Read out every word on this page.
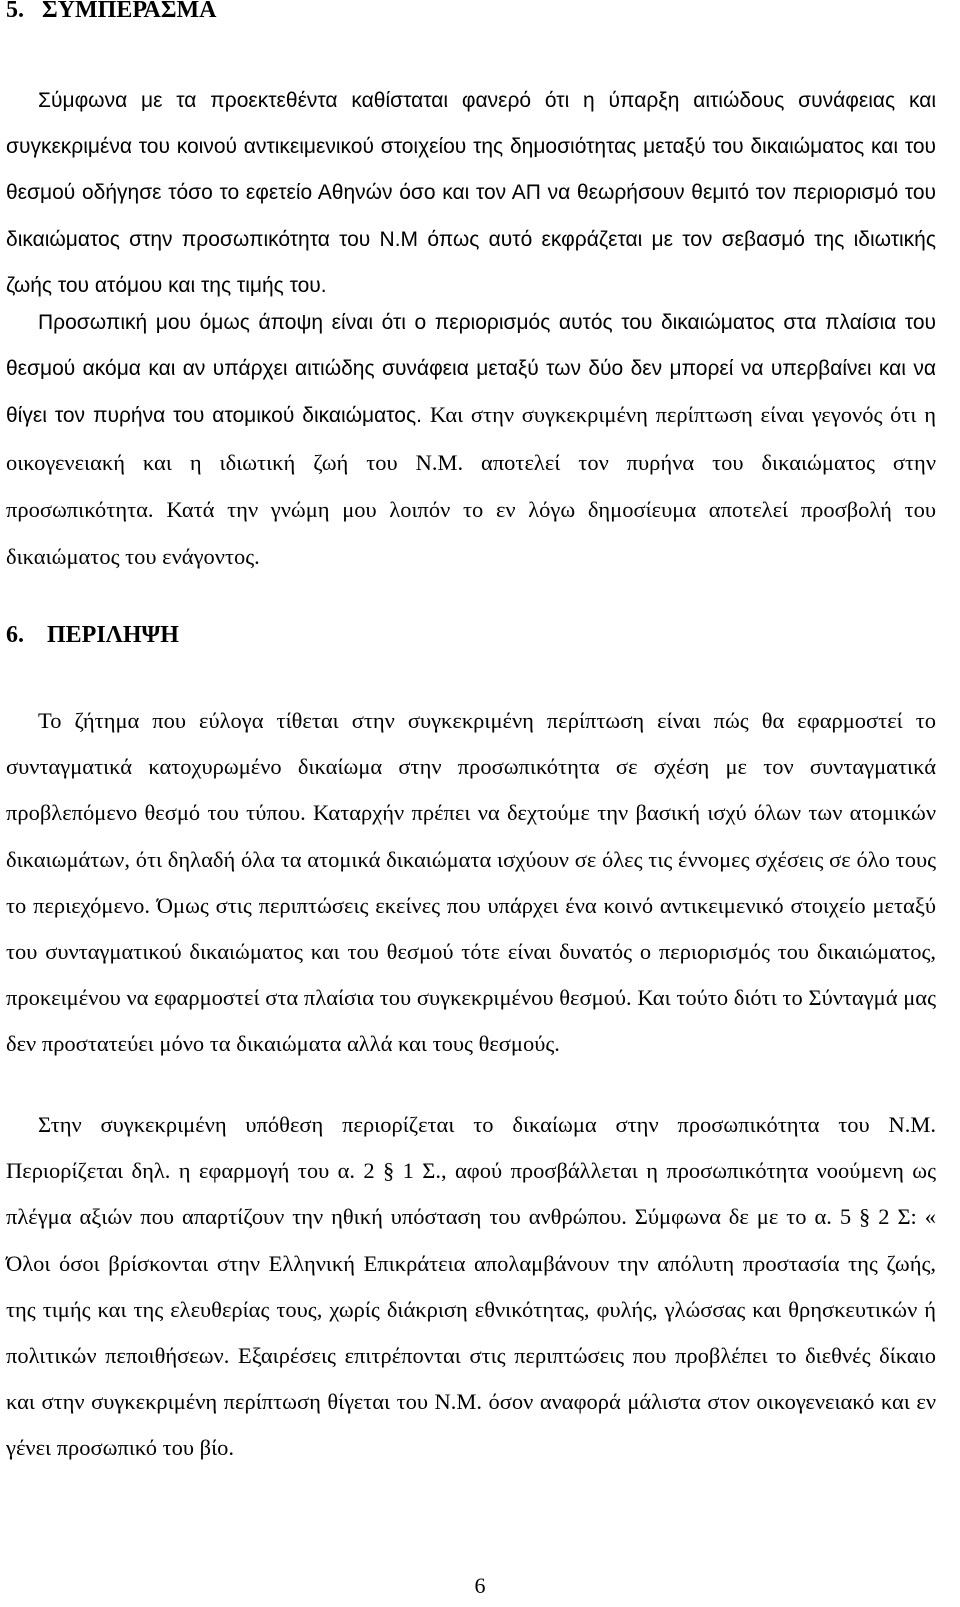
5. ΣΥΜΠΕΡΑΣΜΑ
Σύμφωνα με τα προεκτεθέντα καθίσταται φανερό ότι η ύπαρξη αιτιώδους συνάφειας και συγκεκριμένα του κοινού αντικειμενικού στοιχείου της δημοσιότητας μεταξύ του δικαιώματος και του θεσμού οδήγησε τόσο το εφετείο Αθηνών όσο και τον ΑΠ να θεωρήσουν θεμιτό τον περιορισμό του δικαιώματος στην προσωπικότητα του Ν.Μ όπως αυτό εκφράζεται με τον σεβασμό της ιδιωτικής ζωής του ατόμου και της τιμής του.
Προσωπική μου όμως άποψη είναι ότι ο περιορισμός αυτός του δικαιώματος στα πλαίσια του θεσμού ακόμα και αν υπάρχει αιτιώδης συνάφεια μεταξύ των δύο δεν μπορεί να υπερβαίνει και να θίγει τον πυρήνα του ατομικού δικαιώματος. Και στην συγκεκριμένη περίπτωση είναι γεγονός ότι η οικογενειακή και η ιδιωτική ζωή του Ν.Μ. αποτελεί τον πυρήνα του δικαιώματος στην προσωπικότητα. Κατά την γνώμη μου λοιπόν το εν λόγω δημοσίευμα αποτελεί προσβολή του δικαιώματος του ενάγοντος.
6. ΠΕΡΙΛΗΨΗ
Το ζήτημα που εύλογα τίθεται στην συγκεκριμένη περίπτωση είναι πώς θα εφαρμοστεί το συνταγματικά κατοχυρωμένο δικαίωμα στην προσωπικότητα σε σχέση με τον συνταγματικά προβλεπόμενο θεσμό του τύπου. Καταρχήν πρέπει να δεχτούμε την βασική ισχύ όλων των ατομικών δικαιωμάτων, ότι δηλαδή όλα τα ατομικά δικαιώματα ισχύουν σε όλες τις έννομες σχέσεις σε όλο τους το περιεχόμενο. Όμως στις περιπτώσεις εκείνες που υπάρχει ένα κοινό αντικειμενικό στοιχείο μεταξύ του συνταγματικού δικαιώματος και του θεσμού τότε είναι δυνατός ο περιορισμός του δικαιώματος, προκειμένου να εφαρμοστεί στα πλαίσια του συγκεκριμένου θεσμού. Και τούτο διότι το Σύνταγμά μας δεν προστατεύει μόνο τα δικαιώματα αλλά και τους θεσμούς.
Στην συγκεκριμένη υπόθεση περιορίζεται το δικαίωμα στην προσωπικότητα του Ν.Μ. Περιορίζεται δηλ. η εφαρμογή του α. 2 § 1 Σ., αφού προσβάλλεται η προσωπικότητα νοούμενη ως πλέγμα αξιών που απαρτίζουν την ηθική υπόσταση του ανθρώπου. Σύμφωνα δε με το α. 5 § 2 Σ: « Όλοι όσοι βρίσκονται στην Ελληνική Επικράτεια απολαμβάνουν την απόλυτη προστασία της ζωής, της τιμής και της ελευθερίας τους, χωρίς διάκριση εθνικότητας, φυλής, γλώσσας και θρησκευτικών ή πολιτικών πεποιθήσεων. Εξαιρέσεις επιτρέπονται στις περιπτώσεις που προβλέπει το διεθνές δίκαιο και στην συγκεκριμένη περίπτωση θίγεται του Ν.Μ. όσον αναφορά μάλιστα στον οικογενειακό και εν γένει προσωπικό του βίο.
6
